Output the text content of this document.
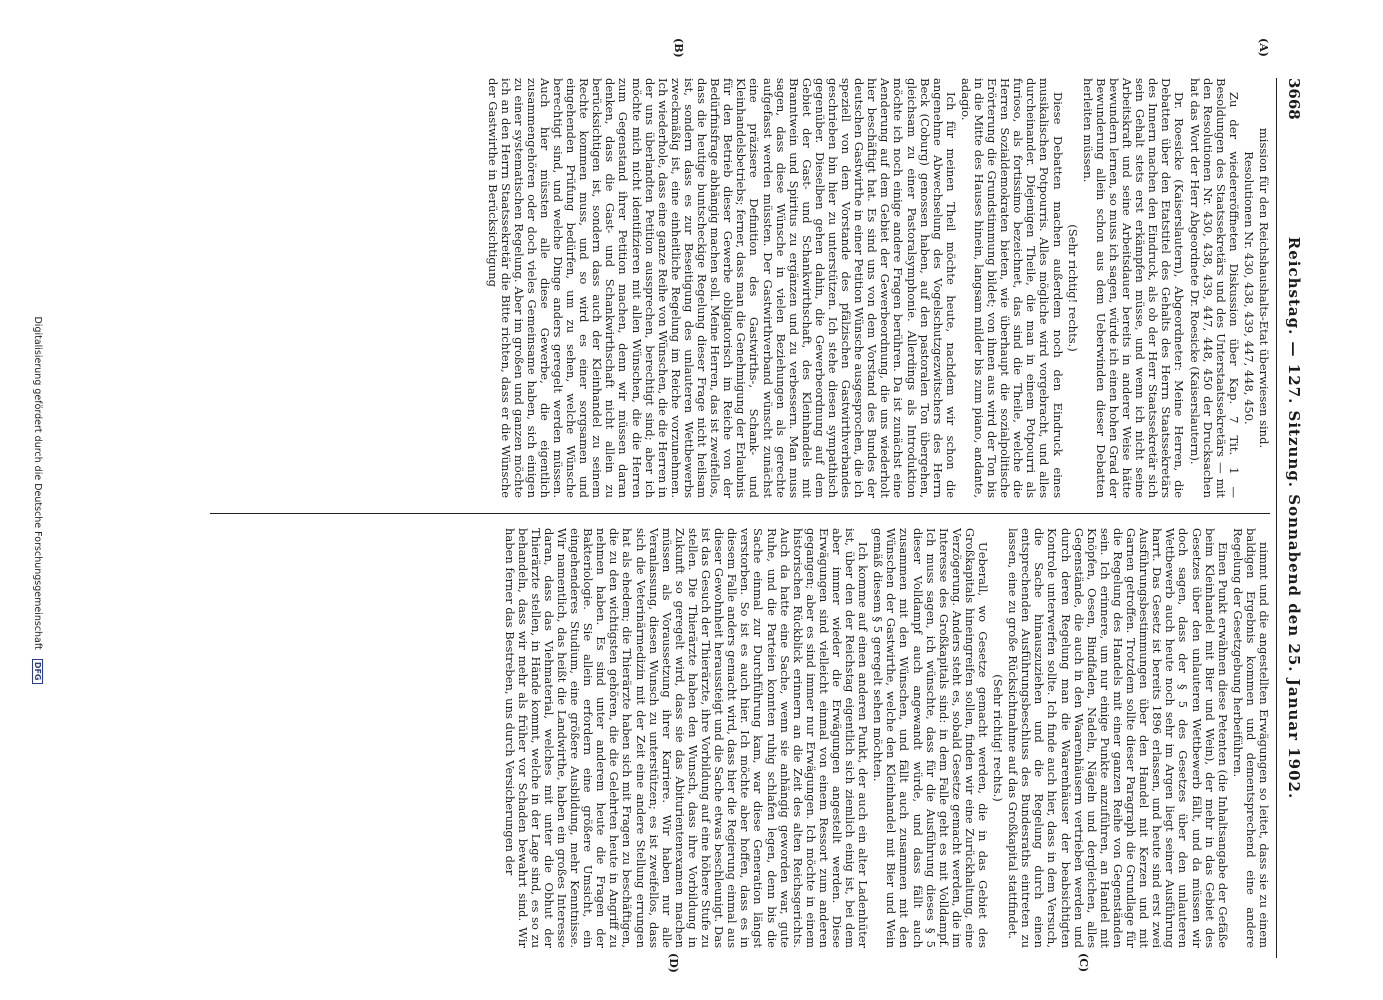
3668
Reichstag. — 127. Sitzung. Sonnabend den 25. Januar 1902.

mission für den Reichshaushalts-Etat überwiesen sind.

Resolutionen Nr. 430, 438, 439, 447, 448, 450.

Zu der wiedereröffneten Diskussion über Kap. 7 Tit. 1 — Besoldungen des Staatssekretärs und des Unterstaatssekretärs — mit den Resolutionen Nr. 430, 438, 439, 447, 448, 450 der Drucksachen hat das Wort der Herr Abgeordnete Dr. Roesicke (Kaiserslautern).

Dr. Roesicke (Kaiserslautern), Abgeordneter: Meine Herren, die Debatten über den Etatstitel des Gehalts des Herrn Staatssekretärs des Innern machen den Eindruck, als ob der Herr Staatssekretär sich sein Gehalt stets erst erkämpfen müsse, und wenn ich nicht seine Arbeitskraft und seine Arbeitsdauer bereits in anderer Weise hätte bewundern lernen, so muss ich sagen, würde ich einen hohen Grad der Bewunderung allein schon aus dem Ueberwinden dieser Debatten herleiten müssen.

(Sehr richtig! rechts.)

Diese Debatten machen außerdem noch den Eindruck eines musikalischen Potpourris. Alles mögliche wird vorgebracht, und alles durcheinander. Diejenigen Theile, die man in einem Potpourri als furioso, als fortissimo bezeichnet, das sind die Theile, welche die Herren Sozialdemokraten bieten, wie überhaupt die sozialpolitische Erörterung die Grundstimmung bildet; von ihnen aus wird der Ton bis in die Mitte des Hauses hinein, langsam milder bis zum piano, andante, adagio.

Ich für meinen Theil möchte heute, nachdem wir schon die angenehme Abwechselung des Vogelschutzgezwitschers des Herrn Beck (Coburg) genossen haben, auf den pastoralen Ton übergehen, gleichsam zu einer Pastoralsymphonie. Allerdings als Introduktion möchte ich noch einige andere Fragen berühren. Da ist zunächst eine Aenderung auf dem Gebiet der Gewerbeordnung, die uns wiederholt hier beschäftigt hat. Es sind uns von dem Vorstand des Bundes der deutschen Gastwirthe in einer Petition Wünsche ausgesprochen, die ich speziell von dem Vorstande des pfälzischen Gastwirthverbandes geschrieben bin hier zu unterstützen. Ich stehe diesen sympathisch gegenüber. Dieselben gehen dahin, die Gewerbeordnung auf dem Gebiet der Gast- und Schankwirthschaft, des Kleinhandels mit Branntwein und Spiritus zu ergänzen und zu verbessern. Man muss sagen, dass diese Wünsche in vielen Beziehungen als gerechte aufgefasst werden müssten. Der Gastwirthverband wünscht zunächst eine präzisere Definition des Gastwirths-, Schank- und Kleinhandelsbetriebs; ferner, dass man die Genehmigung der Erlaubnis für den Betrieb dieser Gewerbe obligatorisch im Reiche von der Bedürfnisfrage abhängig machen soll. Meine Herren, das ist zweifellos, dass die heutige buntscheckige Regelung dieser Frage nicht heilsam ist, sondern dass es zur Beseitigung des unlauteren Wettbewerbs zweckmäßig ist, eine einheitliche Regelung im Reiche vorzunehmen. Ich wiederhole, dass eine ganze Reihe von Wünschen, die die Herren in der uns überlandten Petition aussprechen, berechtigt sind; aber ich möchte mich nicht identifizieren mit allen Wünschen, die die Herren zum Gegenstand ihrer Petition machen, denn wir müssen daran denken, dass die Gast- und Schankwirthschaft nicht allein zu berücksichtigen ist, sondern dass auch der Kleinhandel zu seinem Rechte kommen muss, und so wird es einer sorgsamen und eingehenden Prüfung bedürfen, um zu sehen, welche Wünsche berechtigt sind, und welche Dinge anders geregelt werden müssen. Auch hier müssten alle diese Gewerbe, die eigentlich zusammengehören oder doch vieles Gemeinsame haben, sich einigen zu einer systematischen Regelung. Aber im großen und ganzen möchte ich an den Herrn Staatssekretär die Bitte richten, dass er die Wünsche der Gastwirthe in Berücksichtigung

nimmt und die angestellten Erwägungen so leitet, dass sie zu einem baldigen Ergebnis kommen und dementsprechend eine andere Regelung der Gesetzgebung herbeiführen.

Einen Punkt erwähnen diese Petenten (die Inhaltsangabe der Gefäße beim Kleinhandel mit Bier und Wein), der mehr in das Gebiet des Gesetzes über den unlauteren Wettbewerb fällt, und da müssen wir doch sagen, dass der § 5 des Gesetzes über den unlauteren Wettbewerb auch heute noch sehr im Argen liegt seiner Ausführung harrt. Das Gesetz ist bereits 1896 erlassen, und heute sind erst zwei Ausführungsbestimmungen über den Handel mit Kerzen und mit Garnen getroffen. Trotzdem sollte dieser Paragraph die Grundlage für die Regelung des Handels mit einer ganzen Reihe von Gegenständen sein. Ich erinnere, um nur einige Punkte anzuführen, an Handel mit Knöpfen, Oesen, Bindfaden, Nadeln, Nägeln und dergleichen, alles Gegenstände, die auch in den Waarenhäusern vertrieben werden und durch deren Regelung man die Waarenhäuser der beabsichtigten Kontrole unterwerfen sollte. Ich finde auch hier, dass in dem Versuch, die Sache hinauszuziehen und die Regelung durch einen entsprechenden Ausführungsbeschluss des Bundesraths eintreten zu lassen, eine zu große Rücksichtnahme auf das Großkapital stattfindet.

(Sehr richtig! rechts.)

Ueberall, wo Gesetze gemacht werden, die in das Gebiet des Großkapitals hineingreifen sollen, finden wir eine Zurückhaltung, eine Verzögerung. Anders steht es, sobald Gesetze gemacht werden, die im Interesse des Großkapitals sind: in dem Falle geht es mit Volldampf. Ich muss sagen, ich wünschte, dass für die Ausführung dieses § 5 dieser Volldampf auch angewandt würde, und dass fällt auch zusammen mit den Wünschen, und fällt auch zusammen mit den Wünschen der Gastwirthe, welche den Kleinhandel mit Bier und Wein gemäß diesem § 5 geregelt sehen möchten.

Ich komme auf einen anderen Punkt, der auch ein alter Ladenhüter ist, über den der Reichstag eigentlich sich ziemlich einig ist, bei dem aber immer wieder die Erwägungen angestellt werden. Diese Erwägungen sind vielleicht einmal von einem Ressort zum anderen gegangen; aber es sind immer nur Erwägungen. Ich möchte in einem historischen Rückblick erinnern an die Zeit des alten Reichsgerichts. Auch da hatte eine Sache, wenn sie anhängig geworden war, gute Ruhe, und die Parteien konnten ruhig schlafen legen, denn bis die Sache einmal zur Durchführung kam, war diese Generation längst verstorben. So ist es auch hier. Ich möchte aber hoffen, dass es in diesem Falle anders gemacht wird, dass hier die Regierung einmal aus dieser Gewohnheit heraussteigt und die Sache etwas beschleunigt. Das ist das Gesuch der Thierärzte, ihre Vorbildung auf eine höhere Stufe zu stellen. Die Thierärzte haben den Wunsch, dass ihre Vorbildung in Zukunft so geregelt wird, dass sie das Abiturientenexamen machen müssen als Voraussetzung ihrer Karriere. Wir haben nur alle Veranlassung, diesen Wunsch zu unterstützen; es ist zweifellos, dass sich die Veterinärmedizin mit der Zeit eine andere Stellung errungen hat als ehedem; die Thierärzte haben sich mit Fragen zu beschäftigen, die zu den wichtigsten gehören, die die Gelehrten heute in Angriff zu nehmen haben. Es sind unter anderem heute die Fragen der Bakteriologie. Sie allein erfordern eine größere Umsicht, ein eingehenderes Studium, eine größere Ausbildung, mehr Kenntnisse. Wir namentlich, das heißt die Landwirthe, haben ein großes Interesse daran, dass das Viehmaterial, welches mit unter die Obhut der Thierärzte stellen, in Hände kommt, welche in der Lage sind, es so zu behandeln, dass wir mehr als früher vor Schaden bewahrt sind. Wir haben ferner das Bestreben, uns durch Versicherungen der

(A)
(B)
(C)
(D)
Digitalisierung gefördert durch die Deutsche Forschungsgemeinschaft DFG
